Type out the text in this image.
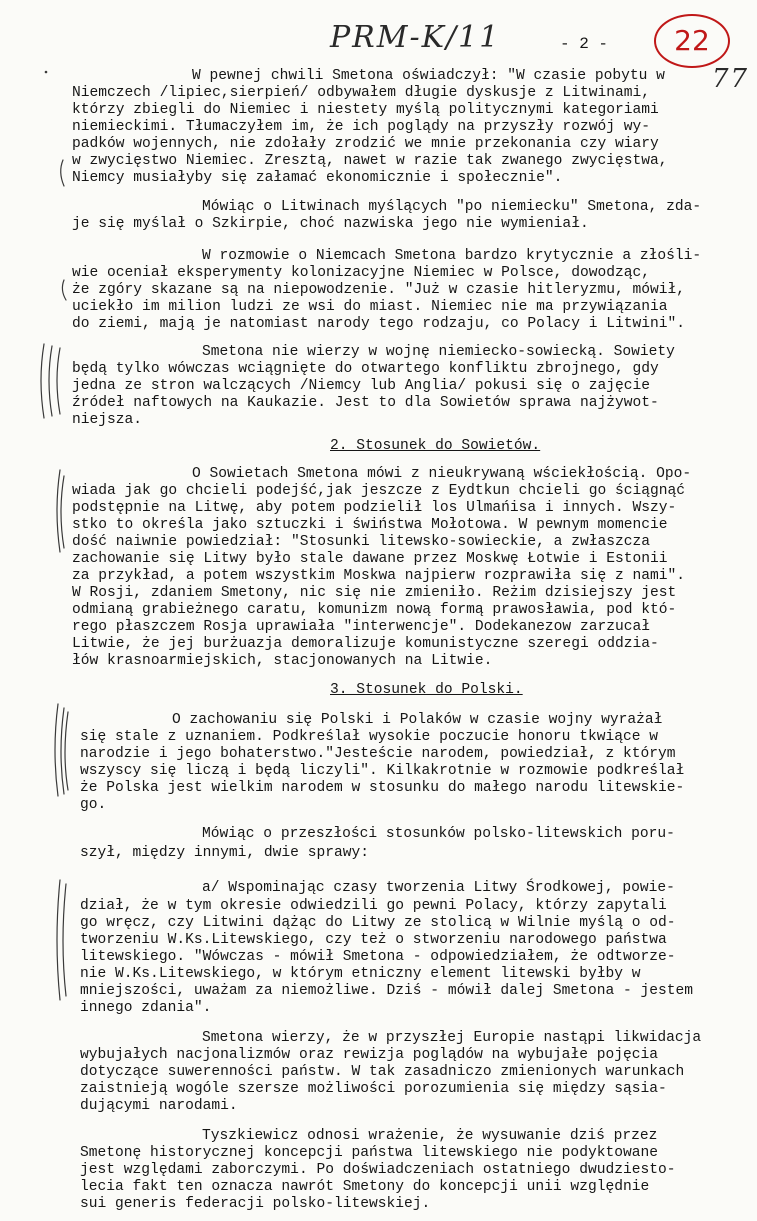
PRM-K/11	- 2 -	22
77
W pewnej chwili Smetona oświadczył: "W czasie pobytu w
Niemczech /lipiec,sierpień/ odbywałem długie dyskusje z Litwinami,
którzy zbiegli do Niemiec i niestety myślą politycznymi kategoriami
niemieckimi. Tłumaczyłem im, że ich poglądy na przyszły rozwój wy-
padków wojennych, nie zdołały zrodzić we mnie przekonania czy wiary
w zwycięstwo Niemiec. Zresztą, nawet w razie tak zwanego zwycięstwa,
Niemcy musiałyby się załamać ekonomicznie i społecznie".
Mówiąc o Litwinach myślących "po niemiecku" Smetona, zda-
je się myślał o Szkirpie, choć nazwiska jego nie wymieniał.
W rozmowie o Niemcach Smetona bardzo krytycznie a złośli-
wie oceniał eksperymenty kolonizacyjne Niemiec w Polsce, dowodząc,
że zgóry skazane są na niepowodzenie. "Już w czasie hitleryzmu, mówił,
uciekło im milion ludzi ze wsi do miast. Niemiec nie ma przywiązania
do ziemi, mają je natomiast narody tego rodzaju, co Polacy i Litwini".
Smetona nie wierzy w wojnę niemiecko-sowiecką. Sowiety
będą tylko wówczas wciągnięte do otwartego konfliktu zbrojnego, gdy
jedna ze stron walczących /Niemcy lub Anglia/ pokusi się o zajęcie
źródeł naftowych na Kaukazie. Jest to dla Sowietów sprawa najżywot-
niejsza.
2. Stosunek do Sowietów.
O Sowietach Smetona mówi z nieukrywaną wściekłością. Opo-
wiada jak go chcieli podejść,jak jeszcze z Eydtkun chcieli go ściągnąć
podstępnie na Litwę, aby potem podzielił los Ulmańisa i innych. Wszy-
stko to określa jako sztuczki i świństwa Mołotowa. W pewnym momencie
dość naiwnie powiedział: "Stosunki litewsko-sowieckie, a zwłaszcza
zachowanie się Litwy było stale dawane przez Moskwę Łotwie i Estonii
za przykład, a potem wszystkim Moskwa najpierw rozprawiła się z nami".
W Rosji, zdaniem Smetony, nic się nie zmieniło. Reżim dzisiejszy jest
odmianą grabieżnego caratu, komunizm nową formą prawosławia, pod któ-
rego płaszczem Rosja uprawiała "interwencje". Dodekanezow zarzucał
Litwie, że jej burżuazja demoralizuje komunistyczne szeregi oddzia-
łów krasnoarmiejskich, stacjonowanych na Litwie.
3. Stosunek do Polski.
O zachowaniu się Polski i Polaków w czasie wojny wyrażał
się stale z uznaniem. Podkreślał wysokie poczucie honoru tkwiące w
narodzie i jego bohaterstwo."Jesteście narodem, powiedział, z którym
wszyscy się liczą i będą liczyli". Kilkakrotnie w rozmowie podkreślał
że Polska jest wielkim narodem w stosunku do małego narodu litewskie-
go.
Mówiąc o przeszłości stosunków polsko-litewskich poru-
szył, między innymi, dwie sprawy:
a/ Wspominając czasy tworzenia Litwy Środkowej, powie-
dział, że w tym okresie odwiedzili go pewni Polacy, którzy zapytali
go wręcz, czy Litwini dążąc do Litwy ze stolicą w Wilnie myślą o od-
tworzeniu W.Ks.Litewskiego, czy też o stworzeniu narodowego państwa
litewskiego. "Wówczas - mówił Smetona - odpowiedziałem, że odtworze-
nie W.Ks.Litewskiego, w którym etniczny element litewski byłby w
mniejszości, uważam za niemożliwe. Dziś - mówił dalej Smetona - jestem
innego zdania".
Smetona wierzy, że w przyszłej Europie nastąpi likwidacja
wybujałych nacjonalizmów oraz rewizja poglądów na wybujałe pojęcia
dotyczące suwerenności państw. W tak zasadniczo zmienionych warunkach
zaistnieją wogóle szersze możliwości porozumienia się między sąsia-
dującymi narodami.
Tyszkiewicz odnosi wrażenie, że wysuwanie dziś przez
Smetonę historycznej koncepcji państwa litewskiego nie podyktowane
jest względami zaborczymi. Po doświadczeniach ostatniego dwudziesto-
lecia fakt ten oznacza nawrót Smetony do koncepcji unii względnie
sui generis federacji polsko-litewskiej.
